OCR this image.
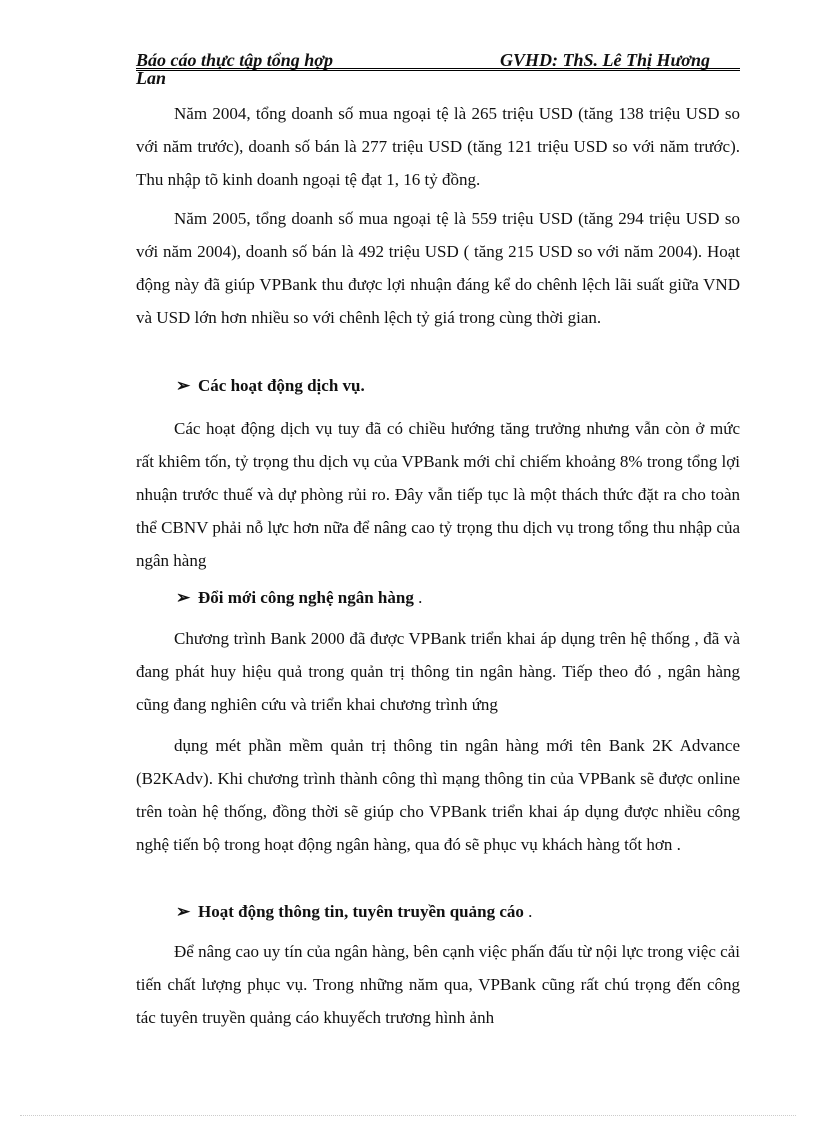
Báo cáo thực tập tổng hợp	GVHD: ThS. Lê Thị Hương
Lan

Năm 2004, tổng doanh số mua ngoại tệ là 265 triệu USD (tăng 138 triệu USD so với năm trước), doanh số bán là 277 triệu USD (tăng 121 triệu USD so với năm trước). Thu nhập tõ kinh doanh ngoại tệ đạt 1, 16 tỷ đồng.

Năm 2005, tổng doanh số mua ngoại tệ là 559 triệu USD (tăng 294 triệu USD so với năm 2004), doanh số bán là 492 triệu USD ( tăng 215 USD so với năm 2004). Hoạt động này đã giúp VPBank thu được lợi nhuận đáng kể do chênh lệch lãi suất giữa VND và USD lớn hơn nhiều so với chênh lệch tỷ giá trong cùng thời gian.

➢ Các hoạt động dịch vụ.

Các hoạt động dịch vụ tuy đã có chiều hướng tăng trưởng nhưng vẫn còn ở mức rất khiêm tốn, tỷ trọng thu dịch vụ của VPBank mới chỉ chiếm khoảng 8% trong tổng lợi nhuận trước thuế và dự phòng rủi ro. Đây vẫn tiếp tục là một thách thức đặt ra cho toàn thể CBNV phải nỗ lực hơn nữa để nâng cao tỷ trọng thu dịch vụ trong tổng thu nhập của ngân hàng

➢ Đổi mới công nghệ ngân hàng .

Chương trình Bank 2000 đã được VPBank triển khai áp dụng trên hệ thống , đã và đang phát huy hiệu quả trong quản trị thông tin ngân hàng. Tiếp theo đó , ngân hàng cũng đang nghiên cứu và triển khai chương trình ứng

dụng mét phần mềm quản trị thông tin ngân hàng mới tên Bank 2K Advance (B2KAdv). Khi chương trình thành công thì mạng thông tin của VPBank sẽ được online trên toàn hệ thống, đồng thời sẽ giúp cho VPBank triển khai áp dụng được nhiều công nghệ tiến bộ trong hoạt động ngân hàng, qua đó sẽ phục vụ khách hàng tốt hơn .

➢ Hoạt động thông tin, tuyên truyền quảng cáo .

Để nâng cao uy tín của ngân hàng, bên cạnh việc phấn đấu từ nội lực trong việc cải tiến chất lượng phục vụ. Trong những năm qua, VPBank cũng rất chú trọng đến công tác tuyên truyền quảng cáo khuyếch trương hình ảnh
